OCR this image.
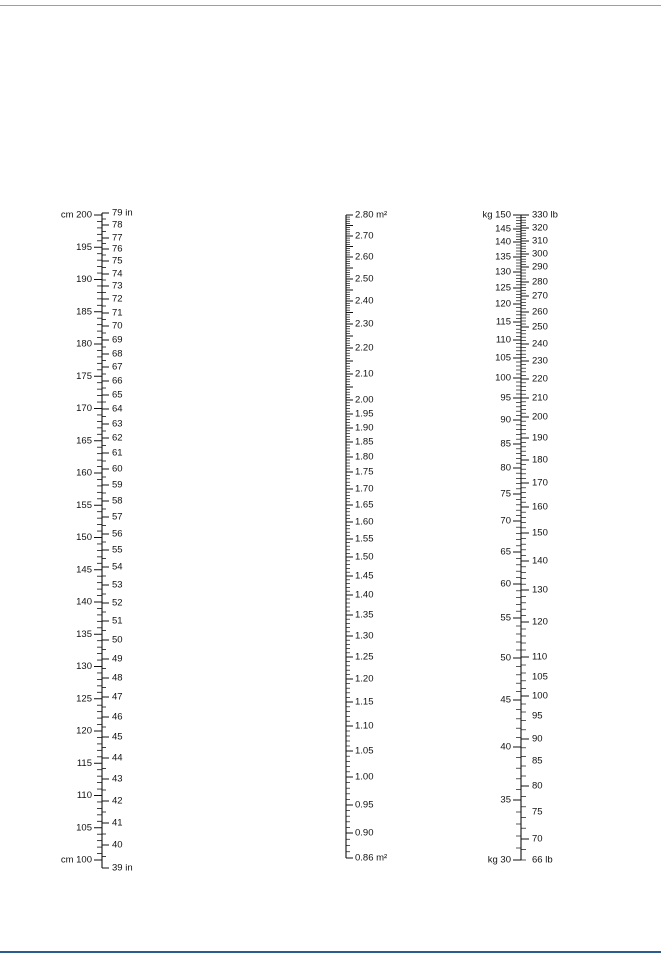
cm 200
195
190
185
180
175
170
165
160
155
150
145
140
135
130
125
120
115
110
105
cm 100
79 in
78
77
76
75
74
73
72
71
70
69
68
67
66
65
64
63
62
61
60
59
58
57
56
55
54
53
52
51
50
49
48
47
46
45
44
43
42
41
40
39 in
2.80 m²
2.70
2.60
2.50
2.40
2.30
2.20
2.10
2.00
1.95
1.90
1.85
1.80
1.75
1.70
1.65
1.60
1.55
1.50
1.45
1.40
1.35
1.30
1.25
1.20
1.15
1.10
1.05
1.00
0.95
0.90
0.86 m²
kg 150
145
140
135
130
125
120
115
110
105
100
95
90
85
80
75
70
65
60
55
50
45
40
35
kg 30
330 lb
320
310
300
290
280
270
260
250
240
230
220
210
200
190
180
170
160
150
140
130
120
110
105
100
95
90
85
80
75
70
66 lb
